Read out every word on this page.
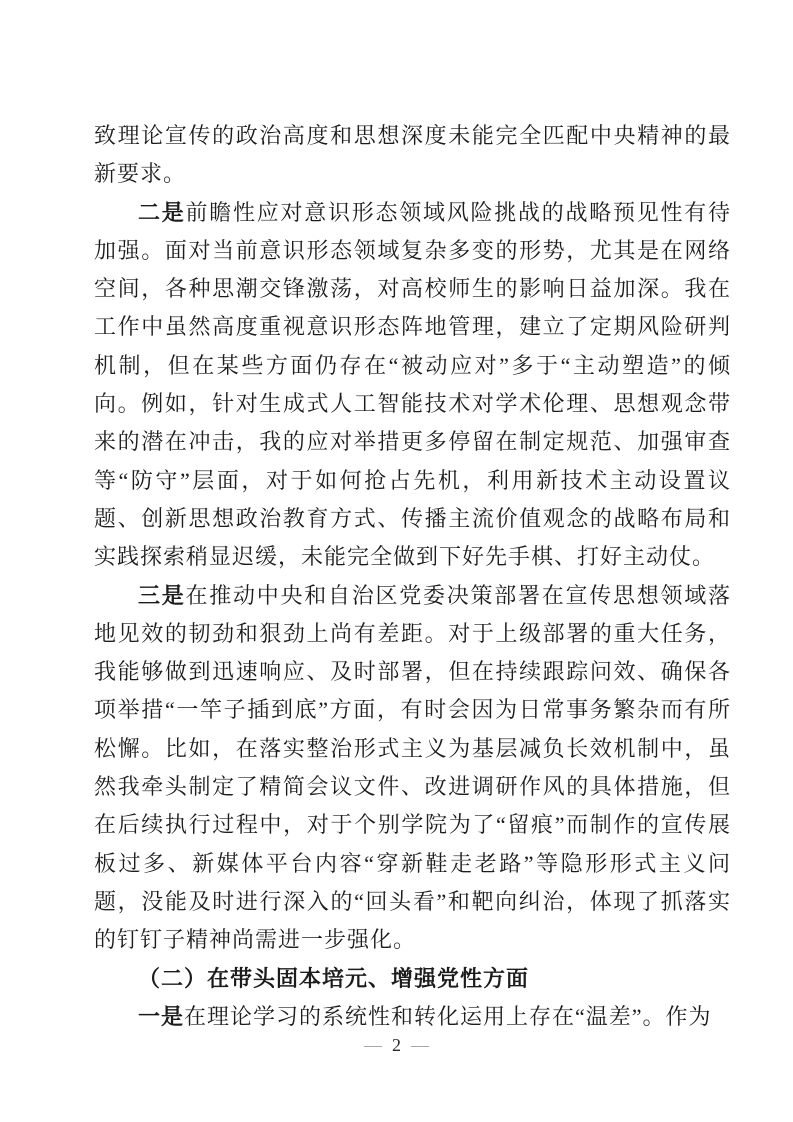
致理论宣传的政治高度和思想深度未能完全匹配中央精神的最新要求。

二是前瞻性应对意识形态领域风险挑战的战略预见性有待加强。面对当前意识形态领域复杂多变的形势，尤其是在网络空间，各种思潮交锋激荡，对高校师生的影响日益加深。我在工作中虽然高度重视意识形态阵地管理，建立了定期风险研判机制，但在某些方面仍存在“被动应对”多于“主动塑造”的倾向。例如，针对生成式人工智能技术对学术伦理、思想观念带来的潜在冲击，我的应对举措更多停留在制定规范、加强审查等“防守”层面，对于如何抢占先机，利用新技术主动设置议题、创新思想政治教育方式、传播主流价值观念的战略布局和实践探索稍显迟缓，未能完全做到下好先手棋、打好主动仗。

三是在推动中央和自治区党委决策部署在宣传思想领域落地见效的韧劲和狠劲上尚有差距。对于上级部署的重大任务，我能够做到迅速响应、及时部署，但在持续跟踪问效、确保各项举措“一竿子插到底”方面，有时会因为日常事务繁杂而有所松懈。比如，在落实整治形式主义为基层减负长效机制中，虽然我牵头制定了精简会议文件、改进调研作风的具体措施，但在后续执行过程中，对于个别学院为了“留痕”而制作的宣传展板过多、新媒体平台内容“穿新鞋走老路”等隐形形式主义问题，没能及时进行深入的“回头看”和靶向纠治，体现了抓落实的钉钉子精神尚需进一步强化。

（二）在带头固本培元、增强党性方面

一是在理论学习的系统性和转化运用上存在“温差”。作为

— 2 —
